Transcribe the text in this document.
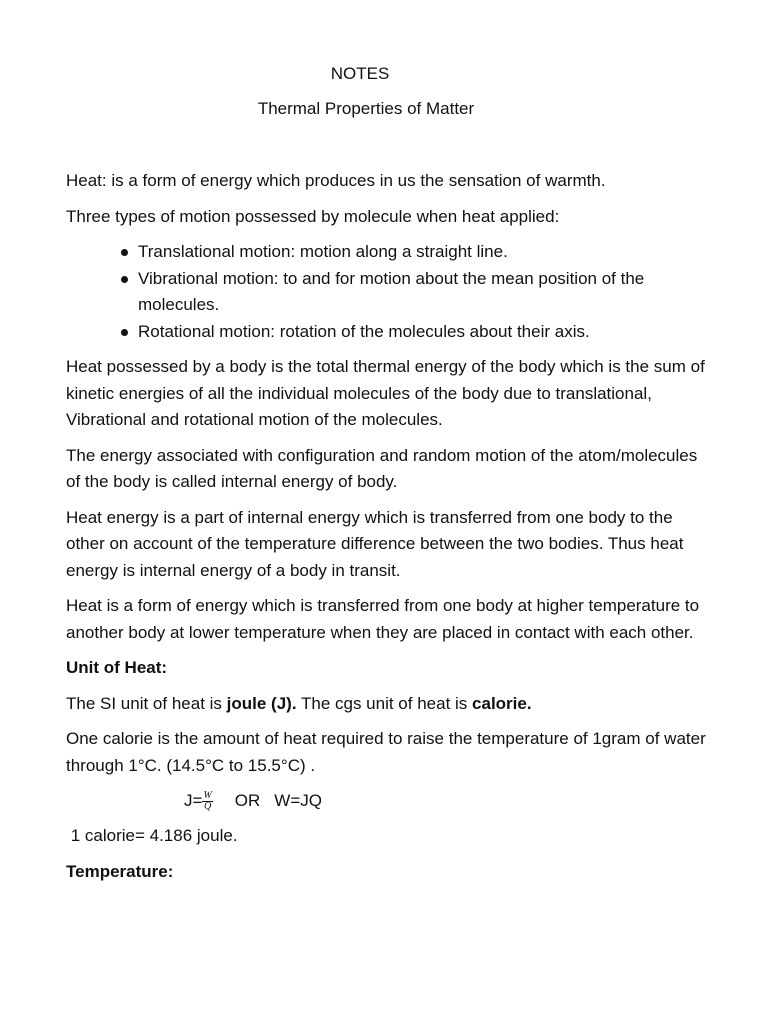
NOTES
Thermal Properties of Matter

Heat: is a form of energy which produces in us the sensation of warmth.

Three types of motion possessed by molecule when heat applied:

Translational motion: motion along a straight line.
Vibrational motion: to and for motion about the mean position of the molecules.
Rotational motion: rotation of the molecules about their axis.

Heat possessed by a body is the total thermal energy of the body which is the sum of kinetic energies of all the individual molecules of the body due to translational, Vibrational and rotational motion of the molecules.

The energy associated with configuration and random motion of the atom/molecules of the body is called internal energy of body.

Heat energy is a part of internal energy which is transferred from one body to the other on account of the temperature difference between the two bodies. Thus heat energy is internal energy of a body in transit.

Heat is a form of energy which is transferred from one body at higher temperature to another body at lower temperature when they are placed in contact with each other.

Unit of Heat:

The SI unit of heat is joule (J). The cgs unit of heat is calorie.

One calorie is the amount of heat required to raise the temperature of 1gram of water through 1°C. (14.5°C to 15.5°C) .

$J= \frac{W}{Q}$ OR W=JQ

1 calorie= 4.186 joule.

Temperature:
